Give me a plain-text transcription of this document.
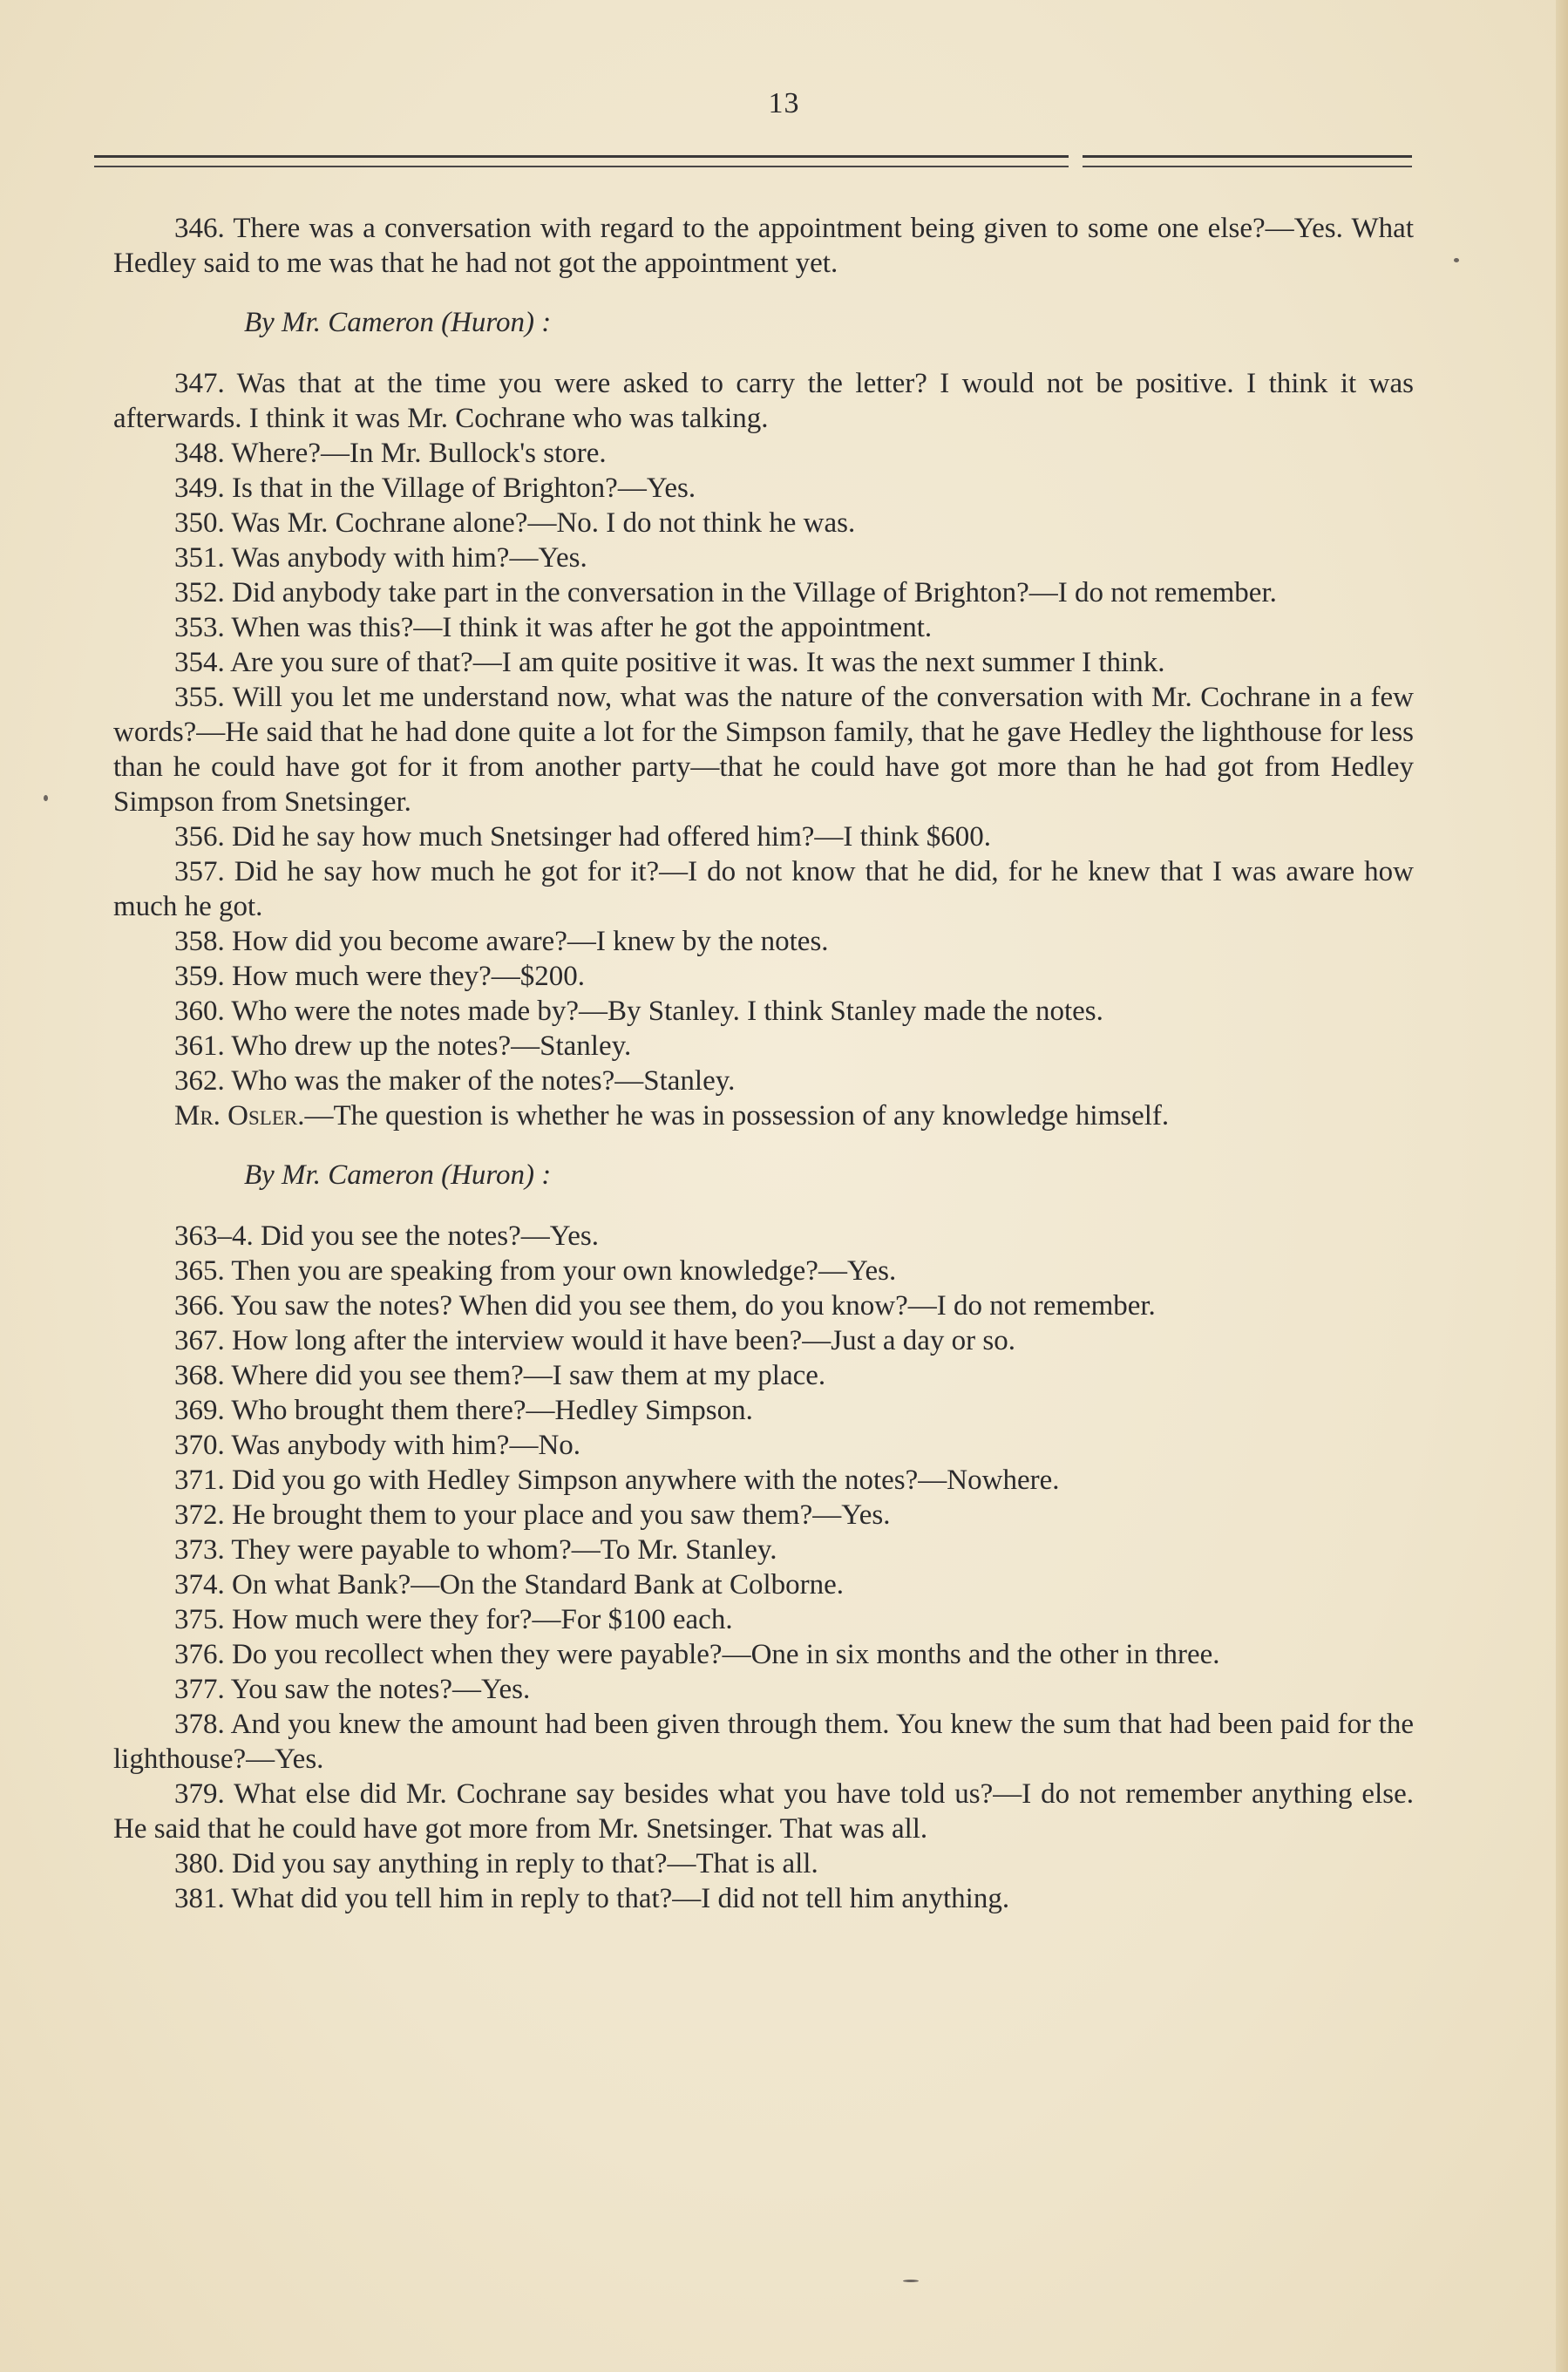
13

346. There was a conversation with regard to the appointment being given to some one else?—Yes. What Hedley said to me was that he had not got the appointment yet.

By Mr. Cameron (Huron) :

347. Was that at the time you were asked to carry the letter? I would not be positive. I think it was afterwards. I think it was Mr. Cochrane who was talking.

348. Where?—In Mr. Bullock's store.

349. Is that in the Village of Brighton?—Yes.

350. Was Mr. Cochrane alone?—No. I do not think he was.

351. Was anybody with him?—Yes.

352. Did anybody take part in the conversation in the Village of Brighton?—I do not remember.

353. When was this?—I think it was after he got the appointment.

354. Are you sure of that?—I am quite positive it was. It was the next summer I think.

355. Will you let me understand now, what was the nature of the conversation with Mr. Cochrane in a few words?—He said that he had done quite a lot for the Simpson family, that he gave Hedley the lighthouse for less than he could have got for it from another party—that he could have got more than he had got from Hedley Simpson from Snetsinger.

356. Did he say how much Snetsinger had offered him?—I think $600.

357. Did he say how much he got for it?—I do not know that he did, for he knew that I was aware how much he got.

358. How did you become aware?—I knew by the notes.

359. How much were they?—$200.

360. Who were the notes made by?—By Stanley. I think Stanley made the notes.

361. Who drew up the notes?—Stanley.

362. Who was the maker of the notes?—Stanley.

Mr. Osler.—The question is whether he was in possession of any knowledge himself.

By Mr. Cameron (Huron) :

363–4. Did you see the notes?—Yes.

365. Then you are speaking from your own knowledge?—Yes.

366. You saw the notes? When did you see them, do you know?—I do not remember.

367. How long after the interview would it have been?—Just a day or so.

368. Where did you see them?—I saw them at my place.

369. Who brought them there?—Hedley Simpson.

370. Was anybody with him?—No.

371. Did you go with Hedley Simpson anywhere with the notes?—Nowhere.

372. He brought them to your place and you saw them?—Yes.

373. They were payable to whom?—To Mr. Stanley.

374. On what Bank?—On the Standard Bank at Colborne.

375. How much were they for?—For $100 each.

376. Do you recollect when they were payable?—One in six months and the other in three.

377. You saw the notes?—Yes.

378. And you knew the amount had been given through them. You knew the sum that had been paid for the lighthouse?—Yes.

379. What else did Mr. Cochrane say besides what you have told us?—I do not remember anything else. He said that he could have got more from Mr. Snetsinger. That was all.

380. Did you say anything in reply to that?—That is all.

381. What did you tell him in reply to that?—I did not tell him anything.
